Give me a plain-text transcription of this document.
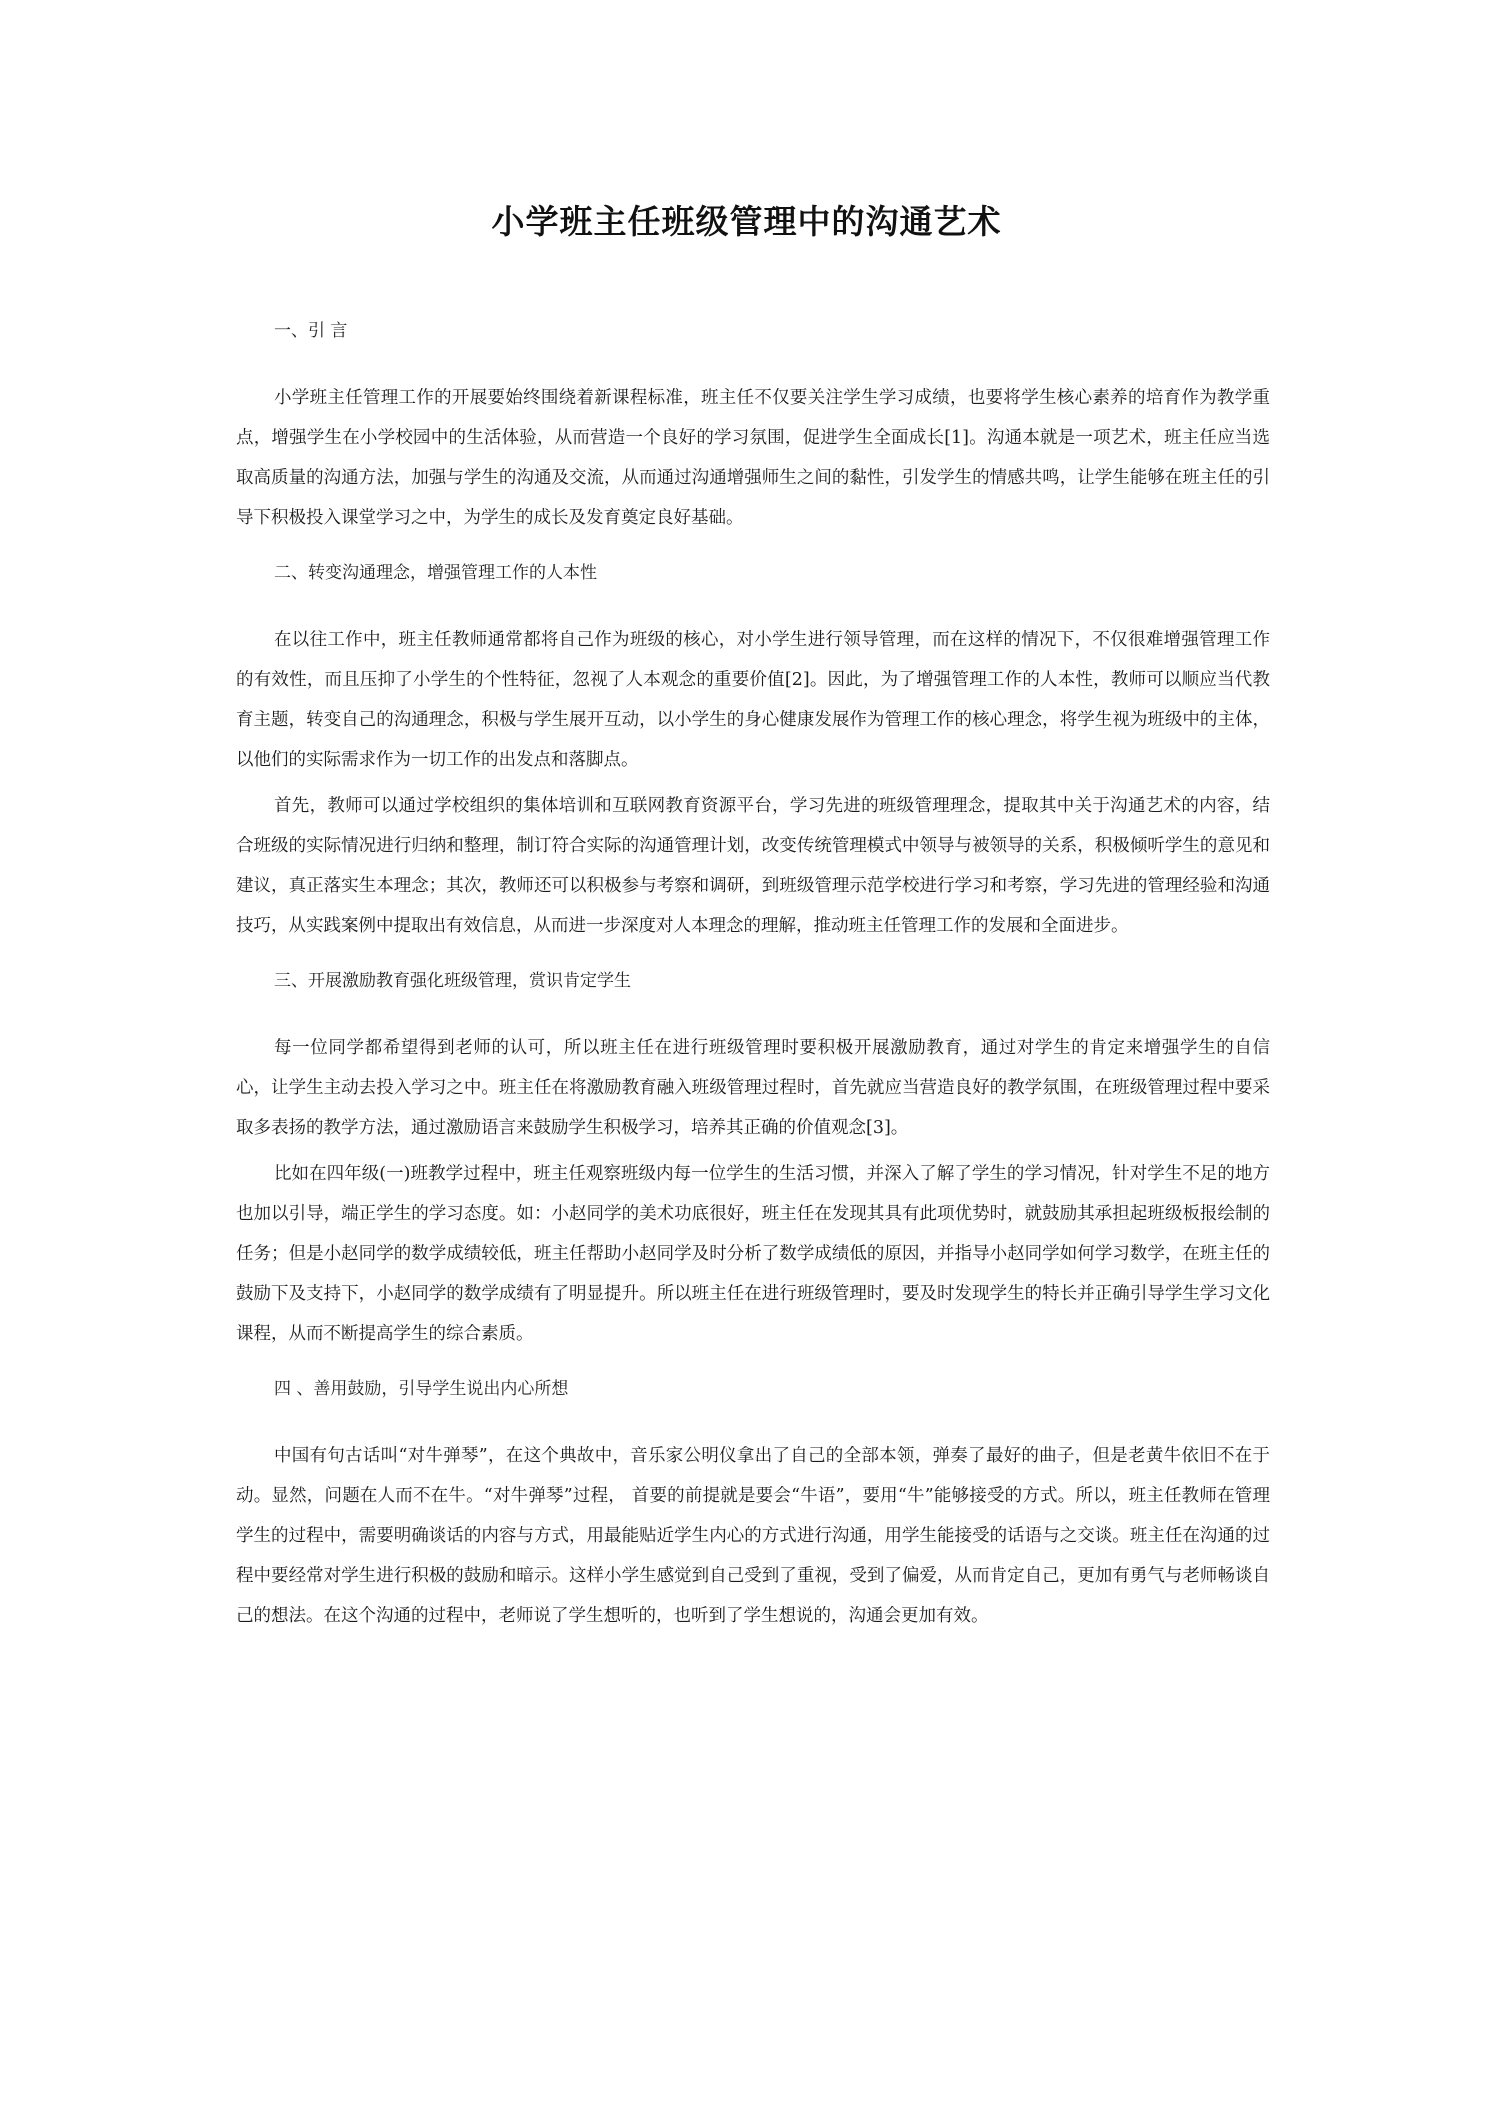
小学班主任班级管理中的沟通艺术

一、引 言

小学班主任管理工作的开展要始终围绕着新课程标准，班主任不仅要关注学生学习成绩，也要将学生核心素养的培育作为教学重点，增强学生在小学校园中的生活体验，从而营造一个良好的学习氛围，促进学生全面成长[1]。沟通本就是一项艺术，班主任应当选取高质量的沟通方法，加强与学生的沟通及交流，从而通过沟通增强师生之间的黏性，引发学生的情感共鸣，让学生能够在班主任的引导下积极投入课堂学习之中，为学生的成长及发育奠定良好基础。

二、转变沟通理念，增强管理工作的人本性

在以往工作中，班主任教师通常都将自己作为班级的核心，对小学生进行领导管理，而在这样的情况下，不仅很难增强管理工作的有效性，而且压抑了小学生的个性特征，忽视了人本观念的重要价值[2]。因此，为了增强管理工作的人本性，教师可以顺应当代教育主题，转变自己的沟通理念，积极与学生展开互动，以小学生的身心健康发展作为管理工作的核心理念，将学生视为班级中的主体，以他们的实际需求作为一切工作的出发点和落脚点。

首先，教师可以通过学校组织的集体培训和互联网教育资源平台，学习先进的班级管理理念，提取其中关于沟通艺术的内容，结合班级的实际情况进行归纳和整理，制订符合实际的沟通管理计划，改变传统管理模式中领导与被领导的关系，积极倾听学生的意见和建议，真正落实生本理念；其次，教师还可以积极参与考察和调研，到班级管理示范学校进行学习和考察，学习先进的管理经验和沟通技巧，从实践案例中提取出有效信息，从而进一步深度对人本理念的理解，推动班主任管理工作的发展和全面进步。

三、开展激励教育强化班级管理，赏识肯定学生

每一位同学都希望得到老师的认可，所以班主任在进行班级管理时要积极开展激励教育，通过对学生的肯定来增强学生的自信心，让学生主动去投入学习之中。班主任在将激励教育融入班级管理过程时，首先就应当营造良好的教学氛围，在班级管理过程中要采取多表扬的教学方法，通过激励语言来鼓励学生积极学习，培养其正确的价值观念[3]。

比如在四年级(一)班教学过程中，班主任观察班级内每一位学生的生活习惯，并深入了解了学生的学习情况，针对学生不足的地方也加以引导，端正学生的学习态度。如：小赵同学的美术功底很好，班主任在发现其具有此项优势时，就鼓励其承担起班级板报绘制的任务；但是小赵同学的数学成绩较低，班主任帮助小赵同学及时分析了数学成绩低的原因，并指导小赵同学如何学习数学，在班主任的鼓励下及支持下，小赵同学的数学成绩有了明显提升。所以班主任在进行班级管理时，要及时发现学生的特长并正确引导学生学习文化课程，从而不断提高学生的综合素质。

四 、善用鼓励，引导学生说出内心所想

中国有句古话叫“对牛弹琴”，在这个典故中，音乐家公明仪拿出了自己的全部本领，弹奏了最好的曲子，但是老黄牛依旧不在于动。显然，问题在人而不在牛。“对牛弹琴”过程， 首要的前提就是要会“牛语”，要用“牛”能够接受的方式。所以，班主任教师在管理学生的过程中，需要明确谈话的内容与方式，用最能贴近学生内心的方式进行沟通，用学生能接受的话语与之交谈。班主任在沟通的过程中要经常对学生进行积极的鼓励和暗示。这样小学生感觉到自己受到了重视，受到了偏爱，从而肯定自己，更加有勇气与老师畅谈自己的想法。在这个沟通的过程中，老师说了学生想听的，也听到了学生想说的，沟通会更加有效。
